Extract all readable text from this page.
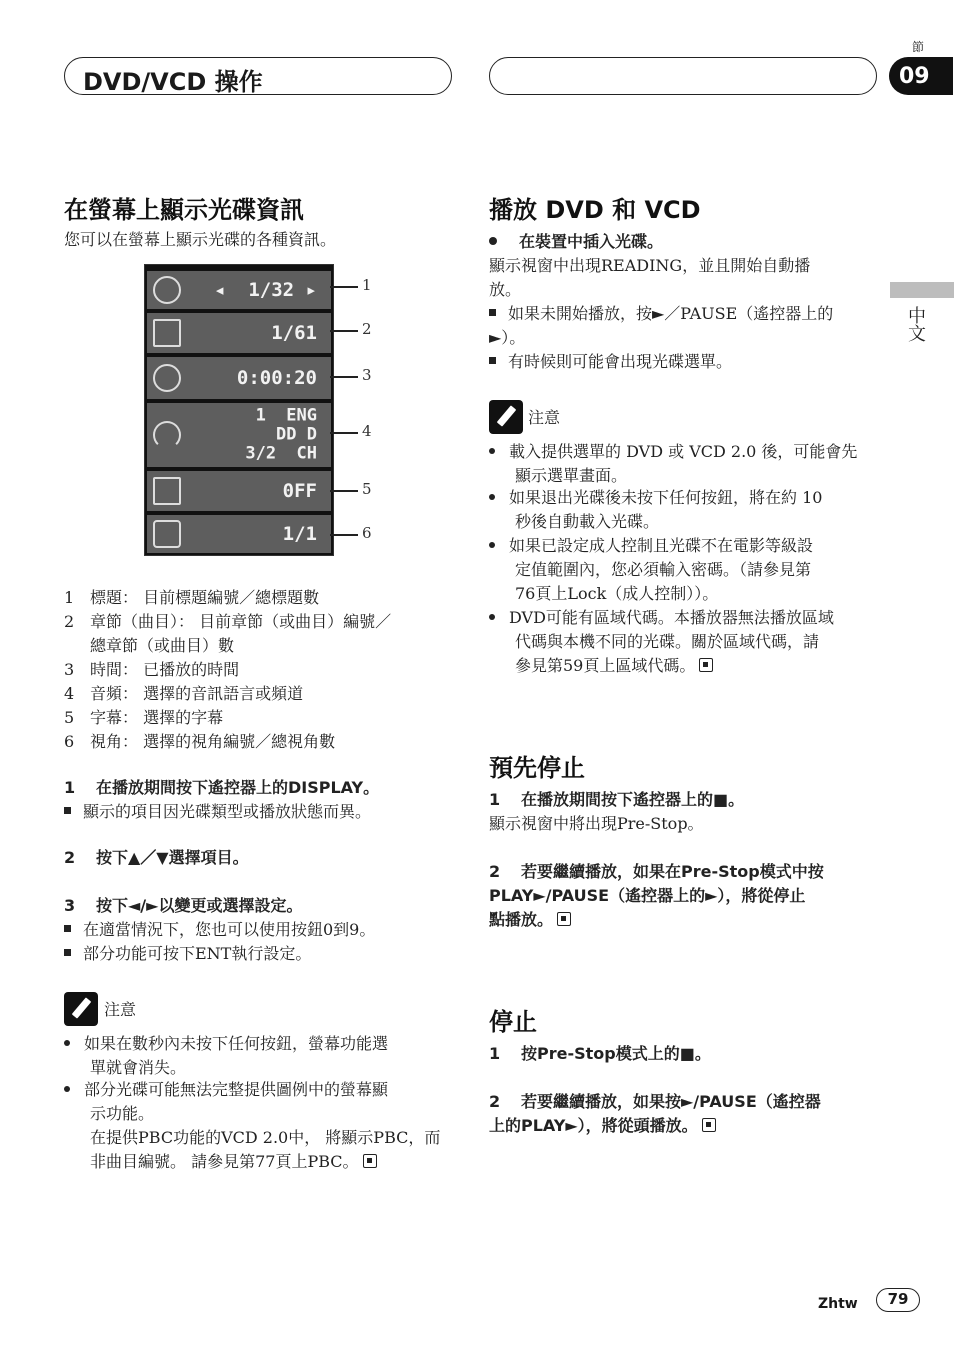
DVD/VCD 操作
節
09
中文
在螢幕上顯示光碟資訊
您可以在螢幕上顯示光碟的各種資訊。
◂  1/32 ▸
1/61
0:00:20
1  ENG
DD D
3/2  CH
0FF
1/1
1
2
3
4
5
6
1 標題： 目前標題編號／總標題數
2 章節（曲目）： 目前章節（或曲目）編號／
總章節（或曲目）數
3 時間： 已播放的時間
4 音頻： 選擇的音訊語言或頻道
5 字幕： 選擇的字幕
6 視角： 選擇的視角編號／總視角數
1 在播放期間按下遙控器上的DISPLAY。
顯示的項目因光碟類型或播放狀態而異。
2 按下▲／▼選擇項目。
3 按下◄/►以變更或選擇設定。
在適當情況下，您也可以使用按鈕0到9。
部分功能可按下ENT執行設定。
注意
如果在數秒內未按下任何按鈕，螢幕功能選
單就會消失。
部分光碟可能無法完整提供圖例中的螢幕顯
示功能。
在提供PBC功能的VCD 2.0中， 將顯示PBC，而
非曲目編號。 請參見第77頁上PBC。
播放 DVD 和 VCD
在裝置中插入光碟。
顯示視窗中出現READING，並且開始自動播
放。
如果未開始播放，按►／PAUSE（遙控器上的
►）。
有時候則可能會出現光碟選單。
注意
載入提供選單的 DVD 或 VCD 2.0 後，可能會先
顯示選單畫面。
如果退出光碟後未按下任何按鈕，將在約 10
秒後自動載入光碟。
如果已設定成人控制且光碟不在電影等級設
定值範圍內，您必須輸入密碼。（請參見第
76頁上Lock（成人控制））。
DVD可能有區域代碼。本播放器無法播放區域
代碼與本機不同的光碟。關於區域代碼，請
參見第59頁上區域代碼。
預先停止
1 在播放期間按下遙控器上的■。
顯示視窗中將出現Pre-Stop。
2 若要繼續播放，如果在Pre-Stop模式中按
PLAY►/PAUSE（遙控器上的►），將從停止
點播放。
停止
1 按Pre-Stop模式上的■。
2 若要繼續播放，如果按►/PAUSE（遙控器
上的PLAY►），將從頭播放。
Zhtw	79
